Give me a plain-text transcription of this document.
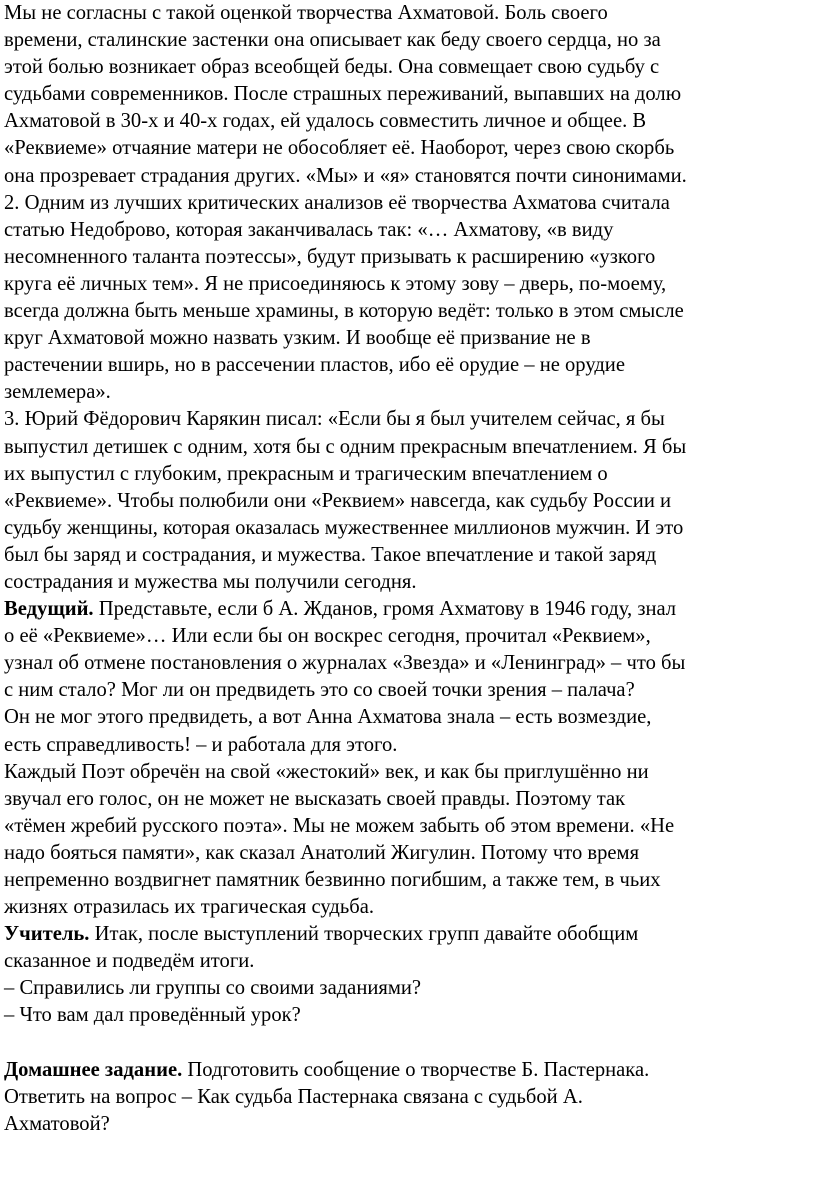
Мы не согласны с такой оценкой творчества Ахматовой. Боль своего
времени, сталинские застенки она описывает как беду своего сердца, но за
этой болью возникает образ всеобщей беды. Она совмещает свою судьбу с
судьбами современников. После страшных переживаний, выпавших на долю
Ахматовой в 30-х и 40-х годах, ей удалось совместить личное и общее. В
«Реквиеме» отчаяние матери не обособляет её. Наоборот, через свою скорбь
она прозревает страдания других. «Мы» и «я» становятся почти синонимами.
2. Одним из лучших критических анализов её творчества Ахматова считала
статью Недоброво, которая заканчивалась так: «… Ахматову, «в виду
несомненного таланта поэтессы», будут призывать к расширению «узкого
круга её личных тем». Я не присоединяюсь к этому зову – дверь, по-моему,
всегда должна быть меньше храмины, в которую ведёт: только в этом смысле
круг Ахматовой можно назвать узким. И вообще её призвание не в
растечении вширь, но в рассечении пластов, ибо её орудие – не орудие
землемера».
3. Юрий Фёдорович Карякин писал: «Если бы я был учителем сейчас, я бы
выпустил детишек с одним, хотя бы с одним прекрасным впечатлением. Я бы
их выпустил с глубоким, прекрасным и трагическим впечатлением о
«Реквиеме». Чтобы полюбили они «Реквием» навсегда, как судьбу России и
судьбу женщины, которая оказалась мужественнее миллионов мужчин. И это
был бы заряд и сострадания, и мужества. Такое впечатление и такой заряд
сострадания и мужества мы получили сегодня.
Ведущий. Представьте, если б А. Жданов, громя Ахматову в 1946 году, знал
о её «Реквиеме»… Или если бы он воскрес сегодня, прочитал «Реквием»,
узнал об отмене постановления о журналах «Звезда» и «Ленинград» – что бы
с ним стало? Мог ли он предвидеть это со своей точки зрения – палача?
Он не мог этого предвидеть, а вот Анна Ахматова знала – есть возмездие,
есть справедливость! – и работала для этого.
Каждый Поэт обречён на свой «жестокий» век, и как бы приглушённо ни
звучал его голос, он не может не высказать своей правды. Поэтому так
«тёмен жребий русского поэта». Мы не можем забыть об этом времени. «Не
надо бояться памяти», как сказал Анатолий Жигулин. Потому что время
непременно воздвигнет памятник безвинно погибшим, а также тем, в чьих
жизнях отразилась их трагическая судьба.
Учитель. Итак, после выступлений творческих групп давайте обобщим
сказанное и подведём итоги.
– Справились ли группы со своими заданиями?
– Что вам дал проведённый урок?
Домашнее задание. Подготовить сообщение о творчестве Б. Пастернака.
Ответить на вопрос – Как судьба Пастернака связана с судьбой А.
Ахматовой?
